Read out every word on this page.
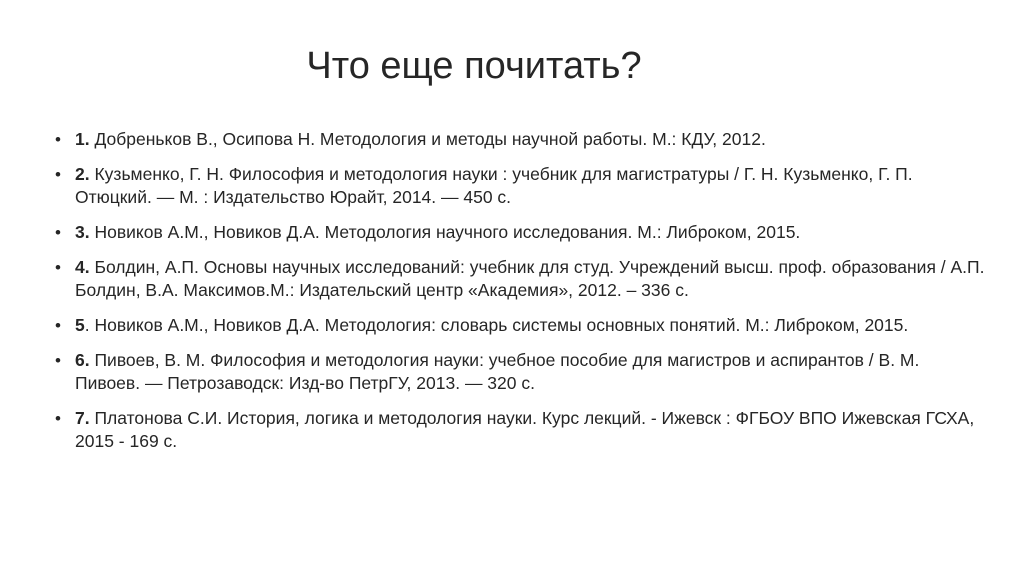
Что еще почитать?
• 1. Добреньков В., Осипова Н. Методология и методы научной работы. М.: КДУ, 2012.
• 2. Кузьменко, Г. Н. Философия и методология науки : учебник для магистратуры / Г. Н. Кузьменко, Г. П. Отюцкий. — М. : Издательство Юрайт, 2014. — 450 с.
• 3. Новиков А.М., Новиков Д.А. Методология научного исследования. М.: Либроком, 2015.
• 4. Болдин, А.П. Основы научных исследований: учебник для студ. Учреждений высш. проф. образования / А.П. Болдин, В.А. Максимов.М.: Издательский центр «Академия», 2012. – 336 с.
• 5. Новиков А.М., Новиков Д.А. Методология: словарь системы основных понятий. М.: Либроком, 2015.
• 6. Пивоев, В. М. Философия и методология науки: учебное пособие для магистров и аспирантов / В. М. Пивоев. — Петрозаводск: Изд-во ПетрГУ, 2013. — 320 с.
• 7. Платонова С.И. История, логика и методология науки. Курс лекций. - Ижевск : ФГБОУ ВПО Ижевская ГСХА, 2015 - 169 с.
